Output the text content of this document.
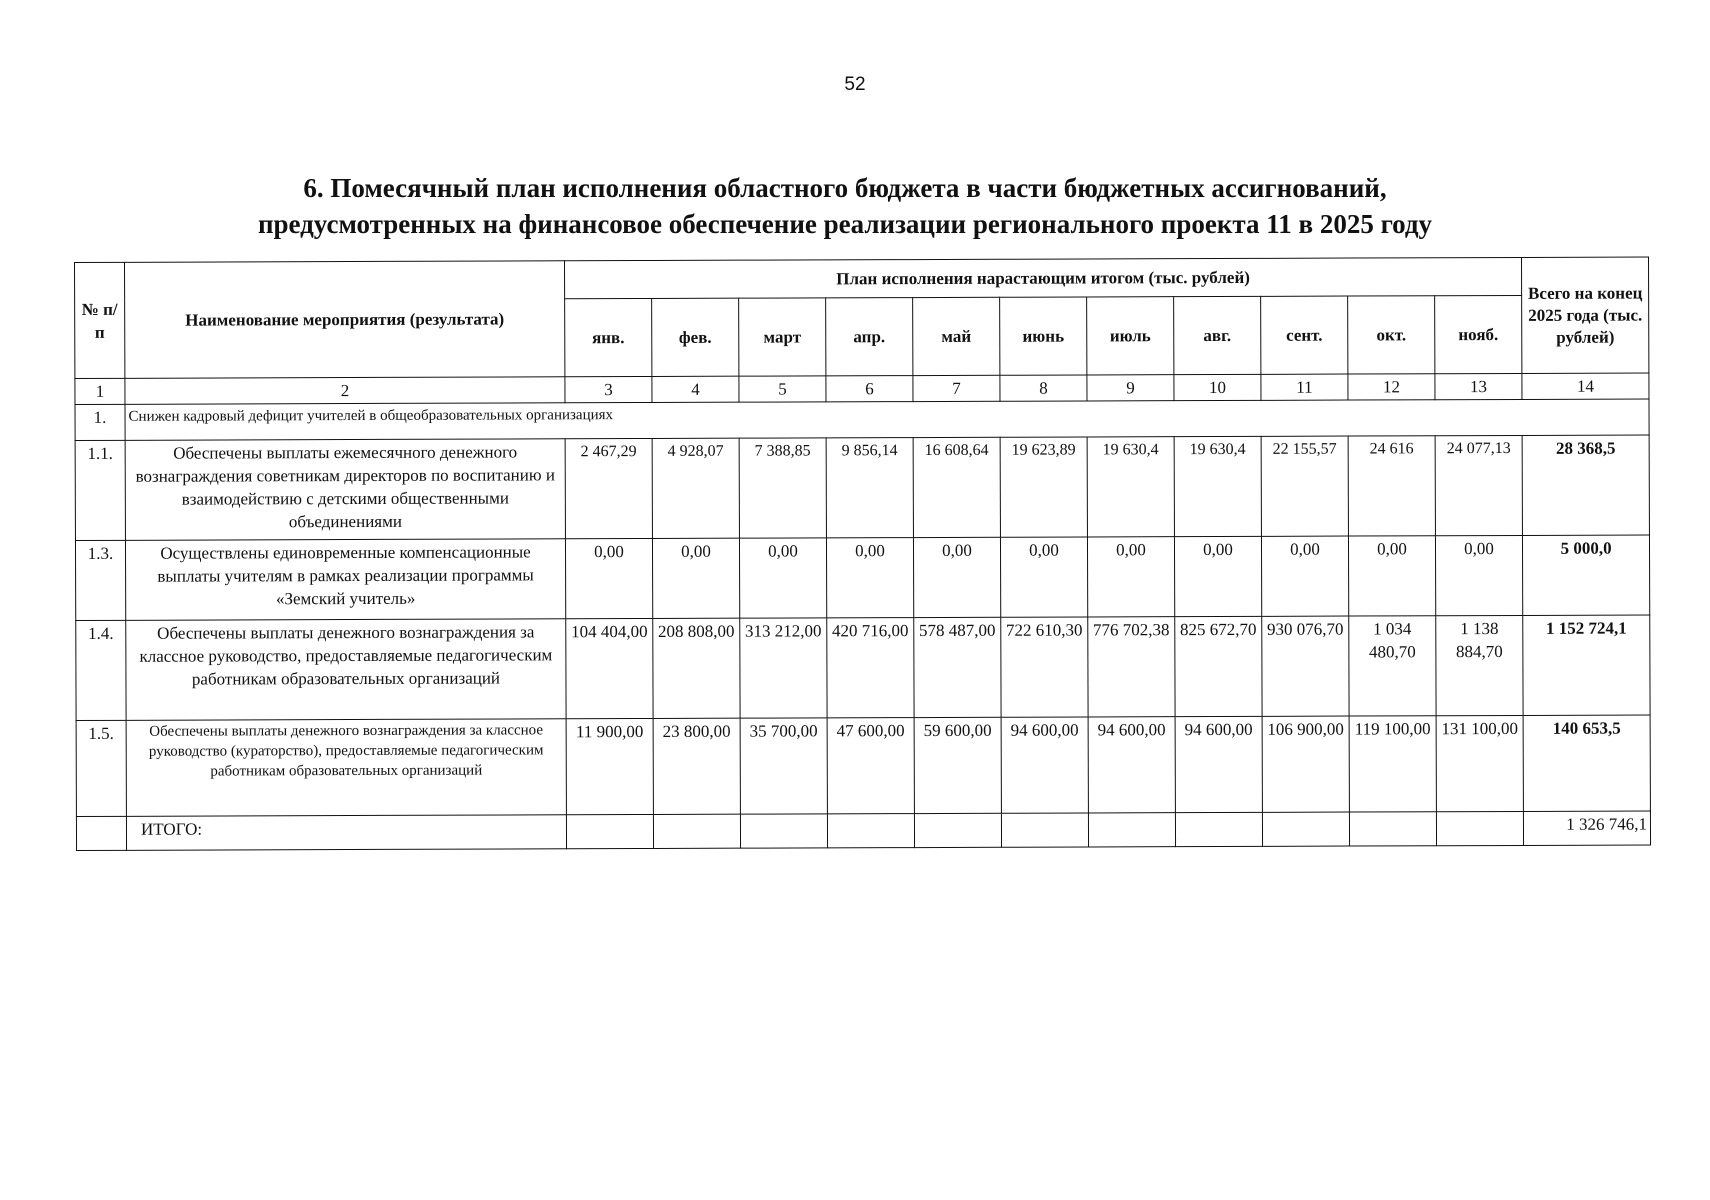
52
6. Помесячный план исполнения областного бюджета в части бюджетных ассигнований,
предусмотренных на финансовое обеспечение реализации регионального проекта 11 в 2025 году
№ п/п	Наименование мероприятия (результата)	План исполнения нарастающим итогом (тыс. рублей)											Всего на конец 2025 года (тыс. рублей)
		янв.	фев.	март	апр.	май	июнь	июль	авг.	сент.	окт.	нояб.	
1	2	3	4	5	6	7	8	9	10	11	12	13	14
1.	Снижен кадровый дефицит учителей в общеобразовательных организациях												
1.1.	Обеспечены выплаты ежемесячного денежного вознаграждения советникам директоров по воспитанию и взаимодействию с детскими общественными объединениями	2 467,29	4 928,07	7 388,85	9 856,14	16 608,64	19 623,89	19 630,4	19 630,4	22 155,57	24 616	24 077,13	28 368,5
1.3.	Осуществлены единовременные компенсационные выплаты учителям в рамках реализации программы «Земский учитель»	0,00	0,00	0,00	0,00	0,00	0,00	0,00	0,00	0,00	0,00	0,00	5 000,0
1.4.	Обеспечены выплаты денежного вознаграждения за классное руководство, предоставляемые педагогическим работникам образовательных организаций	104 404,00	208 808,00	313 212,00	420 716,00	578 487,00	722 610,30	776 702,38	825 672,70	930 076,70	1 034 480,70	1 138 884,70	1 152 724,1
1.5.	Обеспечены выплаты денежного вознаграждения за классное руководство (кураторство), предоставляемые педагогическим работникам образовательных организаций	11 900,00	23 800,00	35 700,00	47 600,00	59 600,00	94 600,00	94 600,00	94 600,00	106 900,00	119 100,00	131 100,00	140 653,5
	ИТОГО:												1 326 746,1
